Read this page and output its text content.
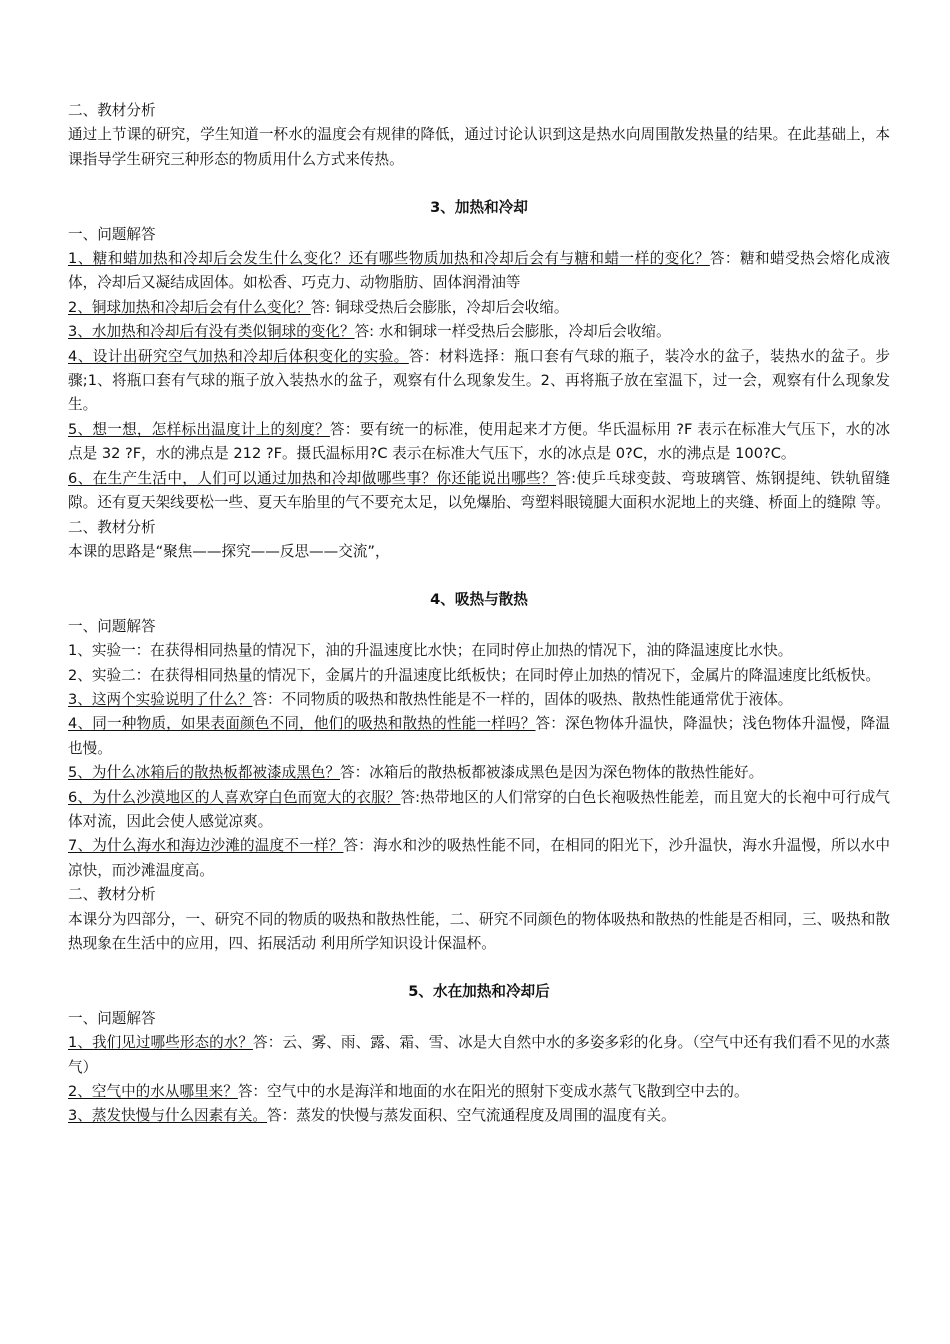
二、教材分析

通过上节课的研究，学生知道一杯水的温度会有规律的降低，通过讨论认识到这是热水向周围散发热量的结果。在此基础上，本课指导学生研究三种形态的物质用什么方式来传热。

3、加热和冷却

一、问题解答

1、糖和蜡加热和冷却后会发生什么变化？还有哪些物质加热和冷却后会有与糖和蜡一样的变化？答：糖和蜡受热会熔化成液体，冷却后又凝结成固体。如松香、巧克力、动物脂肪、固体润滑油等

2、铜球加热和冷却后会有什么变化？答: 铜球受热后会膨胀，冷却后会收缩。

3、水加热和冷却后有没有类似铜球的变化？答: 水和铜球一样受热后会膨胀，冷却后会收缩。

4、设计出研究空气加热和冷却后体积变化的实验。答：材料选择：瓶口套有气球的瓶子，装冷水的盆子，装热水的盆子。步骤;1、将瓶口套有气球的瓶子放入装热水的盆子，观察有什么现象发生。2、再将瓶子放在室温下，过一会，观察有什么现象发生。

5、想一想，怎样标出温度计上的刻度？答：要有统一的标准，使用起来才方便。华氏温标用 ?F 表示在标准大气压下，水的冰点是 32 ?F，水的沸点是 212 ?F。摄氏温标用?C 表示在标准大气压下，水的冰点是 0?C，水的沸点是 100?C。

6、在生产生活中，人们可以通过加热和冷却做哪些事？你还能说出哪些？答:使乒乓球变鼓、弯玻璃管、炼钢提纯、铁轨留缝隙。还有夏天架线要松一些、夏天车胎里的气不要充太足，以免爆胎、弯塑料眼镜腿大面积水泥地上的夹缝、桥面上的缝隙 等。

二、教材分析

本课的思路是“聚焦——探究——反思——交流”，

4、吸热与散热

一、问题解答

1、实验一：在获得相同热量的情况下，油的升温速度比水快；在同时停止加热的情况下，油的降温速度比水快。

2、实验二：在获得相同热量的情况下，金属片的升温速度比纸板快；在同时停止加热的情况下，金属片的降温速度比纸板快。

3、这两个实验说明了什么？答：不同物质的吸热和散热性能是不一样的，固体的吸热、散热性能通常优于液体。

4、同一种物质，如果表面颜色不同，他们的吸热和散热的性能一样吗？答：深色物体升温快，降温快；浅色物体升温慢，降温也慢。

5、为什么冰箱后的散热板都被漆成黑色？答：冰箱后的散热板都被漆成黑色是因为深色物体的散热性能好。

6、为什么沙漠地区的人喜欢穿白色而宽大的衣服？答:热带地区的人们常穿的白色长袍吸热性能差，而且宽大的长袍中可行成气体对流，因此会使人感觉凉爽。

7、为什么海水和海边沙滩的温度不一样？答：海水和沙的吸热性能不同，在相同的阳光下，沙升温快，海水升温慢，所以水中凉快，而沙滩温度高。

二、教材分析

本课分为四部分，一、研究不同的物质的吸热和散热性能，二、研究不同颜色的物体吸热和散热的性能是否相同，三、吸热和散热现象在生活中的应用，四、拓展活动 利用所学知识设计保温杯。

5、水在加热和冷却后

一、问题解答

1、我们见过哪些形态的水？答：云、雾、雨、露、霜、雪、冰是大自然中水的多姿多彩的化身。（空气中还有我们看不见的水蒸气）

2、空气中的水从哪里来？答：空气中的水是海洋和地面的水在阳光的照射下变成水蒸气飞散到空中去的。

3、蒸发快慢与什么因素有关。答：蒸发的快慢与蒸发面积、空气流通程度及周围的温度有关。
